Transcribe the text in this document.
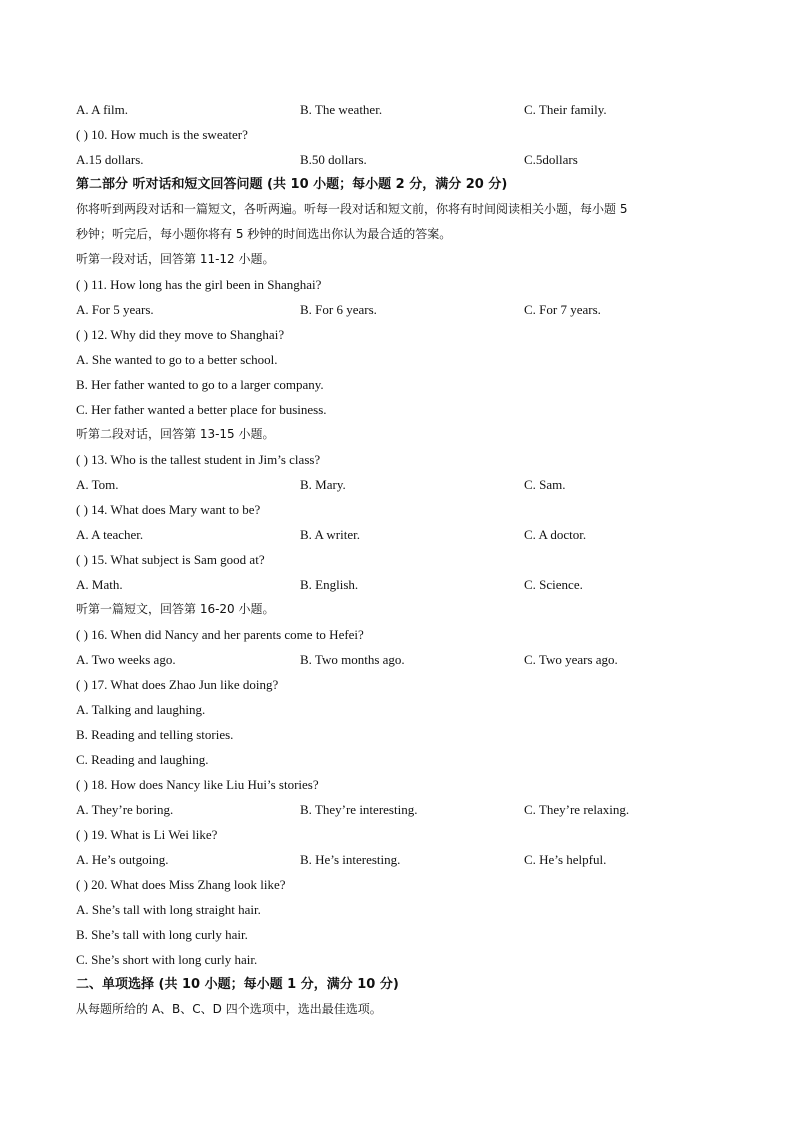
A. A film.	B. The weather.	C. Their family.
( ) 10. How much is the sweater?
A.15 dollars.	B.50 dollars.	C.5dollars
第二部分 听对话和短文回答问题 (共 10 小题；每小题 2 分，满分 20 分)
你将听到两段对话和一篇短文，各听两遍。听每一段对话和短文前，你将有时间阅读相关小题，每小题 5
秒钟；听完后，每小题你将有 5 秒钟的时间选出你认为最合适的答案。
听第一段对话，回答第 11-12 小题。
( ) 11. How long has the girl been in Shanghai?
A. For 5 years.	B. For 6 years.	C. For 7 years.
( ) 12. Why did they move to Shanghai?
A. She wanted to go to a better school.
B. Her father wanted to go to a larger company.
C. Her father wanted a better place for business.
听第二段对话，回答第 13-15 小题。
( ) 13. Who is the tallest student in Jim’s class?
A. Tom.	B. Mary.	C. Sam.
( ) 14. What does Mary want to be?
A. A teacher.	B. A writer.	C. A doctor.
( ) 15. What subject is Sam good at?
A. Math.	B. English.	C. Science.
听第一篇短文，回答第 16-20 小题。
( ) 16. When did Nancy and her parents come to Hefei?
A. Two weeks ago.	B. Two months ago.	C. Two years ago.
( ) 17. What does Zhao Jun like doing?
A. Talking and laughing.
B. Reading and telling stories.
C. Reading and laughing.
( ) 18. How does Nancy like Liu Hui’s stories?
A. They’re boring.	B. They’re interesting.	C. They’re relaxing.
( ) 19. What is Li Wei like?
A. He’s outgoing.	B. He’s interesting.	C. He’s helpful.
( ) 20. What does Miss Zhang look like?
A. She’s tall with long straight hair.
B. She’s tall with long curly hair.
C. She’s short with long curly hair.
二、单项选择 (共 10 小题；每小题 1 分，满分 10 分)
从每题所给的 A、B、C、D 四个选项中，选出最佳选项。
